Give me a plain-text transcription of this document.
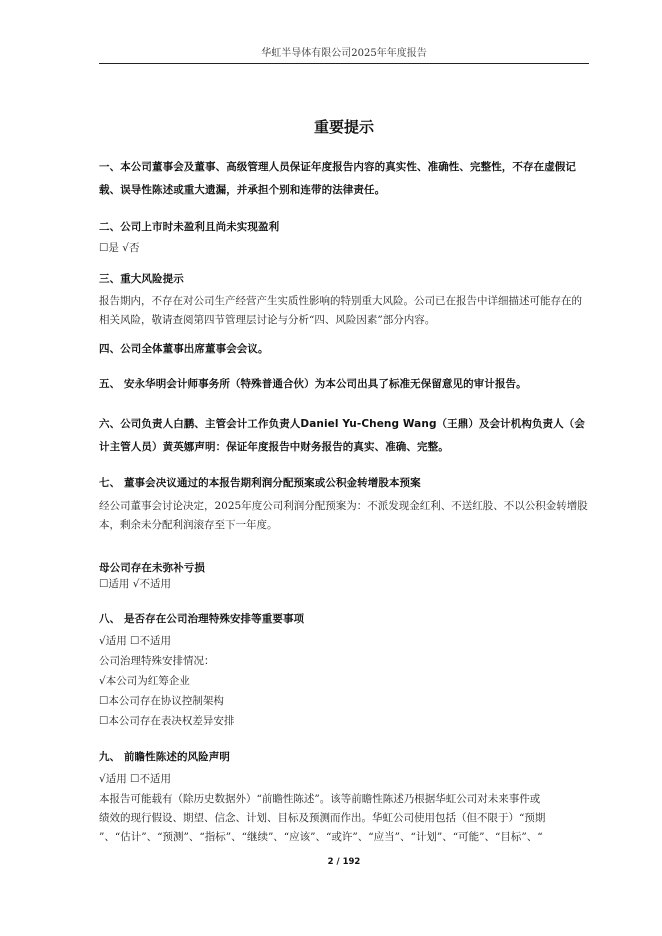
华虹半导体有限公司2025年年度报告
重要提示
一、本公司董事会及董事、高级管理人员保证年度报告内容的真实性、准确性、完整性，不存在虚假记载、误导性陈述或重大遗漏，并承担个别和连带的法律责任。
二、公司上市时未盈利且尚未实现盈利
☐是 √否
三、重大风险提示
报告期内，不存在对公司生产经营产生实质性影响的特别重大风险。公司已在报告中详细描述可能存在的相关风险，敬请查阅第四节管理层讨论与分析“四、风险因素”部分内容。
四、公司全体董事出席董事会会议。
五、 安永华明会计师事务所（特殊普通合伙）为本公司出具了标准无保留意见的审计报告。
六、公司负责人白鹏、主管会计工作负责人Daniel Yu-Cheng Wang（王鼎）及会计机构负责人（会计主管人员）黄英娜声明：保证年度报告中财务报告的真实、准确、完整。
七、 董事会决议通过的本报告期利润分配预案或公积金转增股本预案
经公司董事会讨论决定，2025年度公司利润分配预案为：不派发现金红利、不送红股、不以公积金转增股本，剩余未分配利润滚存至下一年度。
母公司存在未弥补亏损
☐适用 √不适用
八、 是否存在公司治理特殊安排等重要事项
√适用 ☐不适用
公司治理特殊安排情况：
√本公司为红筹企业
☐本公司存在协议控制架构
☐本公司存在表决权差异安排
九、 前瞻性陈述的风险声明
√适用 ☐不适用
本报告可能载有（除历史数据外）“前瞻性陈述”。该等前瞻性陈述乃根据华虹公司对未来事件或
绩效的现行假设、期望、信念、计划、目标及预测而作出。华虹公司使用包括（但不限于）“预期
”、“估计”、“预测”、“指标”、“继续”、“应该”、“或许”、“应当”、“计划”、“可能”、“目标”、“
2 / 192
